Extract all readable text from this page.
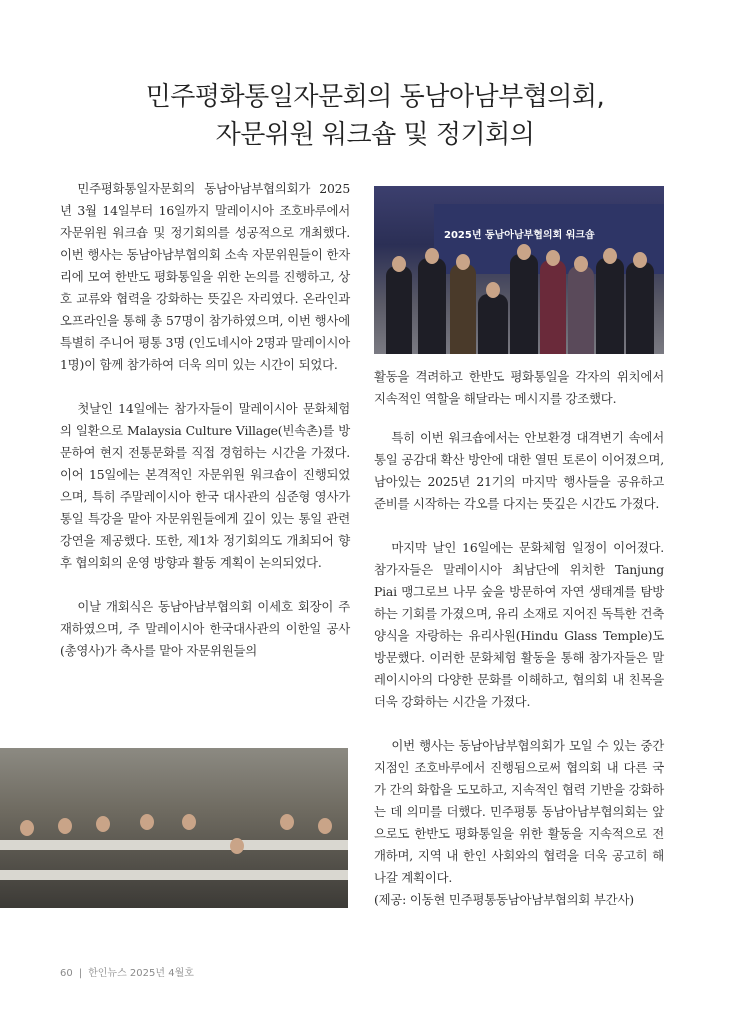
민주평화통일자문회의 동남아남부협의회,
자문위원 워크숍 및 정기회의

민주평화통일자문회의 동남아남부협의회가 2025년 3월 14일부터 16일까지 말레이시아 조호바루에서 자문위원 워크숍 및 정기회의를 성공적으로 개최했다. 이번 행사는 동남아남부협의회 소속 자문위원들이 한자리에 모여 한반도 평화통일을 위한 논의를 진행하고, 상호 교류와 협력을 강화하는 뜻깊은 자리였다. 온라인과 오프라인을 통해 총 57명이 참가하였으며, 이번 행사에 특별히 주니어 평통 3명 (인도네시아 2명과 말레이시아 1명)이 함께 참가하여 더욱 의미 있는 시간이 되었다.

첫날인 14일에는 참가자들이 말레이시아 문화체험의 일환으로 Malaysia Culture Village(빈속촌)를 방문하여 현지 전통문화를 직접 경험하는 시간을 가졌다. 이어 15일에는 본격적인 자문위원 워크숍이 진행되었으며, 특히 주말레이시아 한국 대사관의 심준형 영사가 통일 특강을 맡아 자문위원들에게 깊이 있는 통일 관련 강연을 제공했다. 또한, 제1차 정기회의도 개최되어 향후 협의회의 운영 방향과 활동 계획이 논의되었다.

이날 개회식은 동남아남부협의회 이세호 회장이 주재하였으며, 주 말레이시아 한국대사관의 이한일 공사(총영사)가 축사를 맡아 자문위원들의

2025년 동남아남부협의회 워크숍

활동을 격려하고 한반도 평화통일을 각자의 위치에서 지속적인 역할을 해달라는 메시지를 강조했다.

특히 이번 워크숍에서는 안보환경 대격변기 속에서 통일 공감대 확산 방안에 대한 열띤 토론이 이어졌으며, 남아있는 2025년 21기의 마지막 행사들을 공유하고 준비를 시작하는 각오를 다지는 뜻깊은 시간도 가졌다.

마지막 날인 16일에는 문화체험 일정이 이어졌다. 참가자들은 말레이시아 최남단에 위치한 Tanjung Piai 맹그로브 나무 숲을 방문하여 자연 생태계를 탐방하는 기회를 가졌으며, 유리 소재로 지어진 독특한 건축 양식을 자랑하는 유리사원(Hindu Glass Temple)도 방문했다. 이러한 문화체험 활동을 통해 참가자들은 말레이시아의 다양한 문화를 이해하고, 협의회 내 친목을 더욱 강화하는 시간을 가졌다.

이번 행사는 동남아남부협의회가 모일 수 있는 중간 지점인 조호바루에서 진행됨으로써 협의회 내 다른 국가 간의 화합을 도모하고, 지속적인 협력 기반을 강화하는 데 의미를 더했다. 민주평통 동남아남부협의회는 앞으로도 한반도 평화통일을 위한 활동을 지속적으로 전개하며, 지역 내 한인 사회와의 협력을 더욱 공고히 해나갈 계획이다.

(제공: 이동현 민주평통동남아남부협의회 부간사)

60 | 한인뉴스 2025년 4월호
